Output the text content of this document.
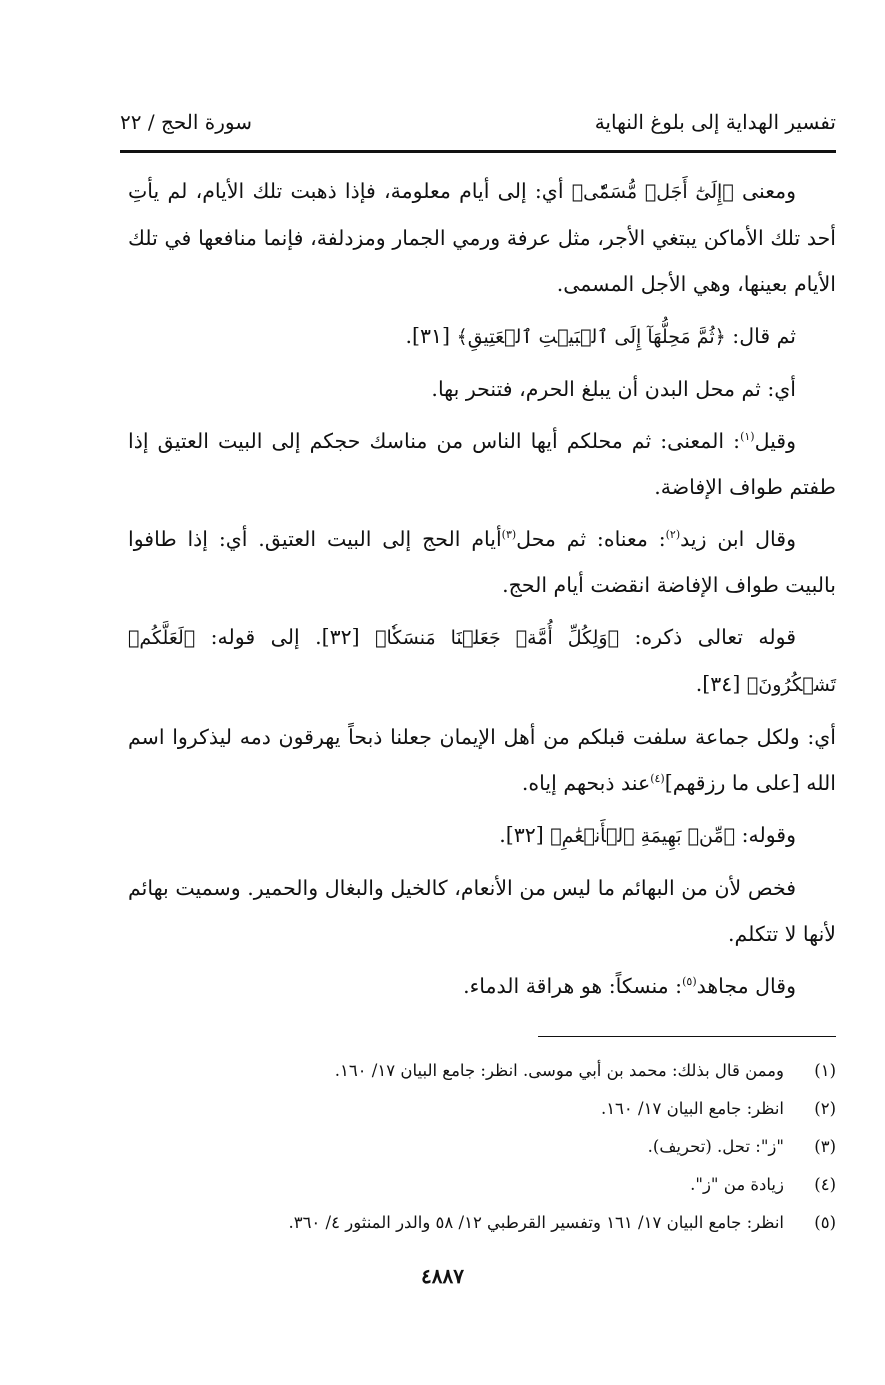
تفسير الهداية إلى بلوغ النهاية
سورة الحج / ٢٢

ومعنى ﴿إِلَىٰٓ أَجَلٖ مُّسَمّٗى﴾ أي: إلى أيام معلومة، فإذا ذهبت تلك الأيام، لم يأتِ أحد تلك الأماكن يبتغي الأجر، مثل عرفة ورمي الجمار ومزدلفة، فإنما منافعها في تلك الأيام بعينها، وهي الأجل المسمى.

ثم قال: ﴿ثُمَّ مَحِلُّهَآ إِلَى ٱلۡبَيۡتِ ٱلۡعَتِيقِ﴾ [٣١].

أي: ثم محل البدن أن يبلغ الحرم، فتنحر بها.

وقيل$^{(١)}$: المعنى: ثم محلكم أيها الناس من مناسك حجكم إلى البيت العتيق إذا طفتم طواف الإفاضة.

وقال ابن زيد$^{(٢)}$: معناه: ثم محل$^{(٣)}$أيام الحج إلى البيت العتيق. أي: إذا طافوا بالبيت طواف الإفاضة انقضت أيام الحج.

قوله تعالى ذكره: ﴿وَلِكُلِّ أُمَّةٖ جَعَلۡنَا مَنسَكٗا﴾ [٣٢]. إلى قوله: ﴿لَعَلَّكُمۡ تَشۡكُرُونَ﴾ [٣٤].

أي: ولكل جماعة سلفت قبلكم من أهل الإيمان جعلنا ذبحاً يهرقون دمه ليذكروا اسم الله [على ما رزقهم]$^{(٤)}$عند ذبحهم إياه.

وقوله: ﴿مِّنۢ بَهِيمَةِ ٱلۡأَنۡعَٰمِ﴾ [٣٢].

فخص لأن من البهائم ما ليس من الأنعام، كالخيل والبغال والحمير. وسميت بهائم لأنها لا تتكلم.

وقال مجاهد$^{(٥)}$: منسكاً: هو هراقة الدماء.

(١)
وممن قال بذلك: محمد بن أبي موسى. انظر: جامع البيان ١٧/ ١٦٠.
(٢)
انظر: جامع البيان ١٧/ ١٦٠.
(٣)
"ز": تحل. (تحريف).
(٤)
زيادة من "ز".
(٥)
انظر: جامع البيان ١٧/ ١٦١ وتفسير القرطبي ١٢/ ٥٨ والدر المنثور ٤/ ٣٦٠.
٤٨٨٧
